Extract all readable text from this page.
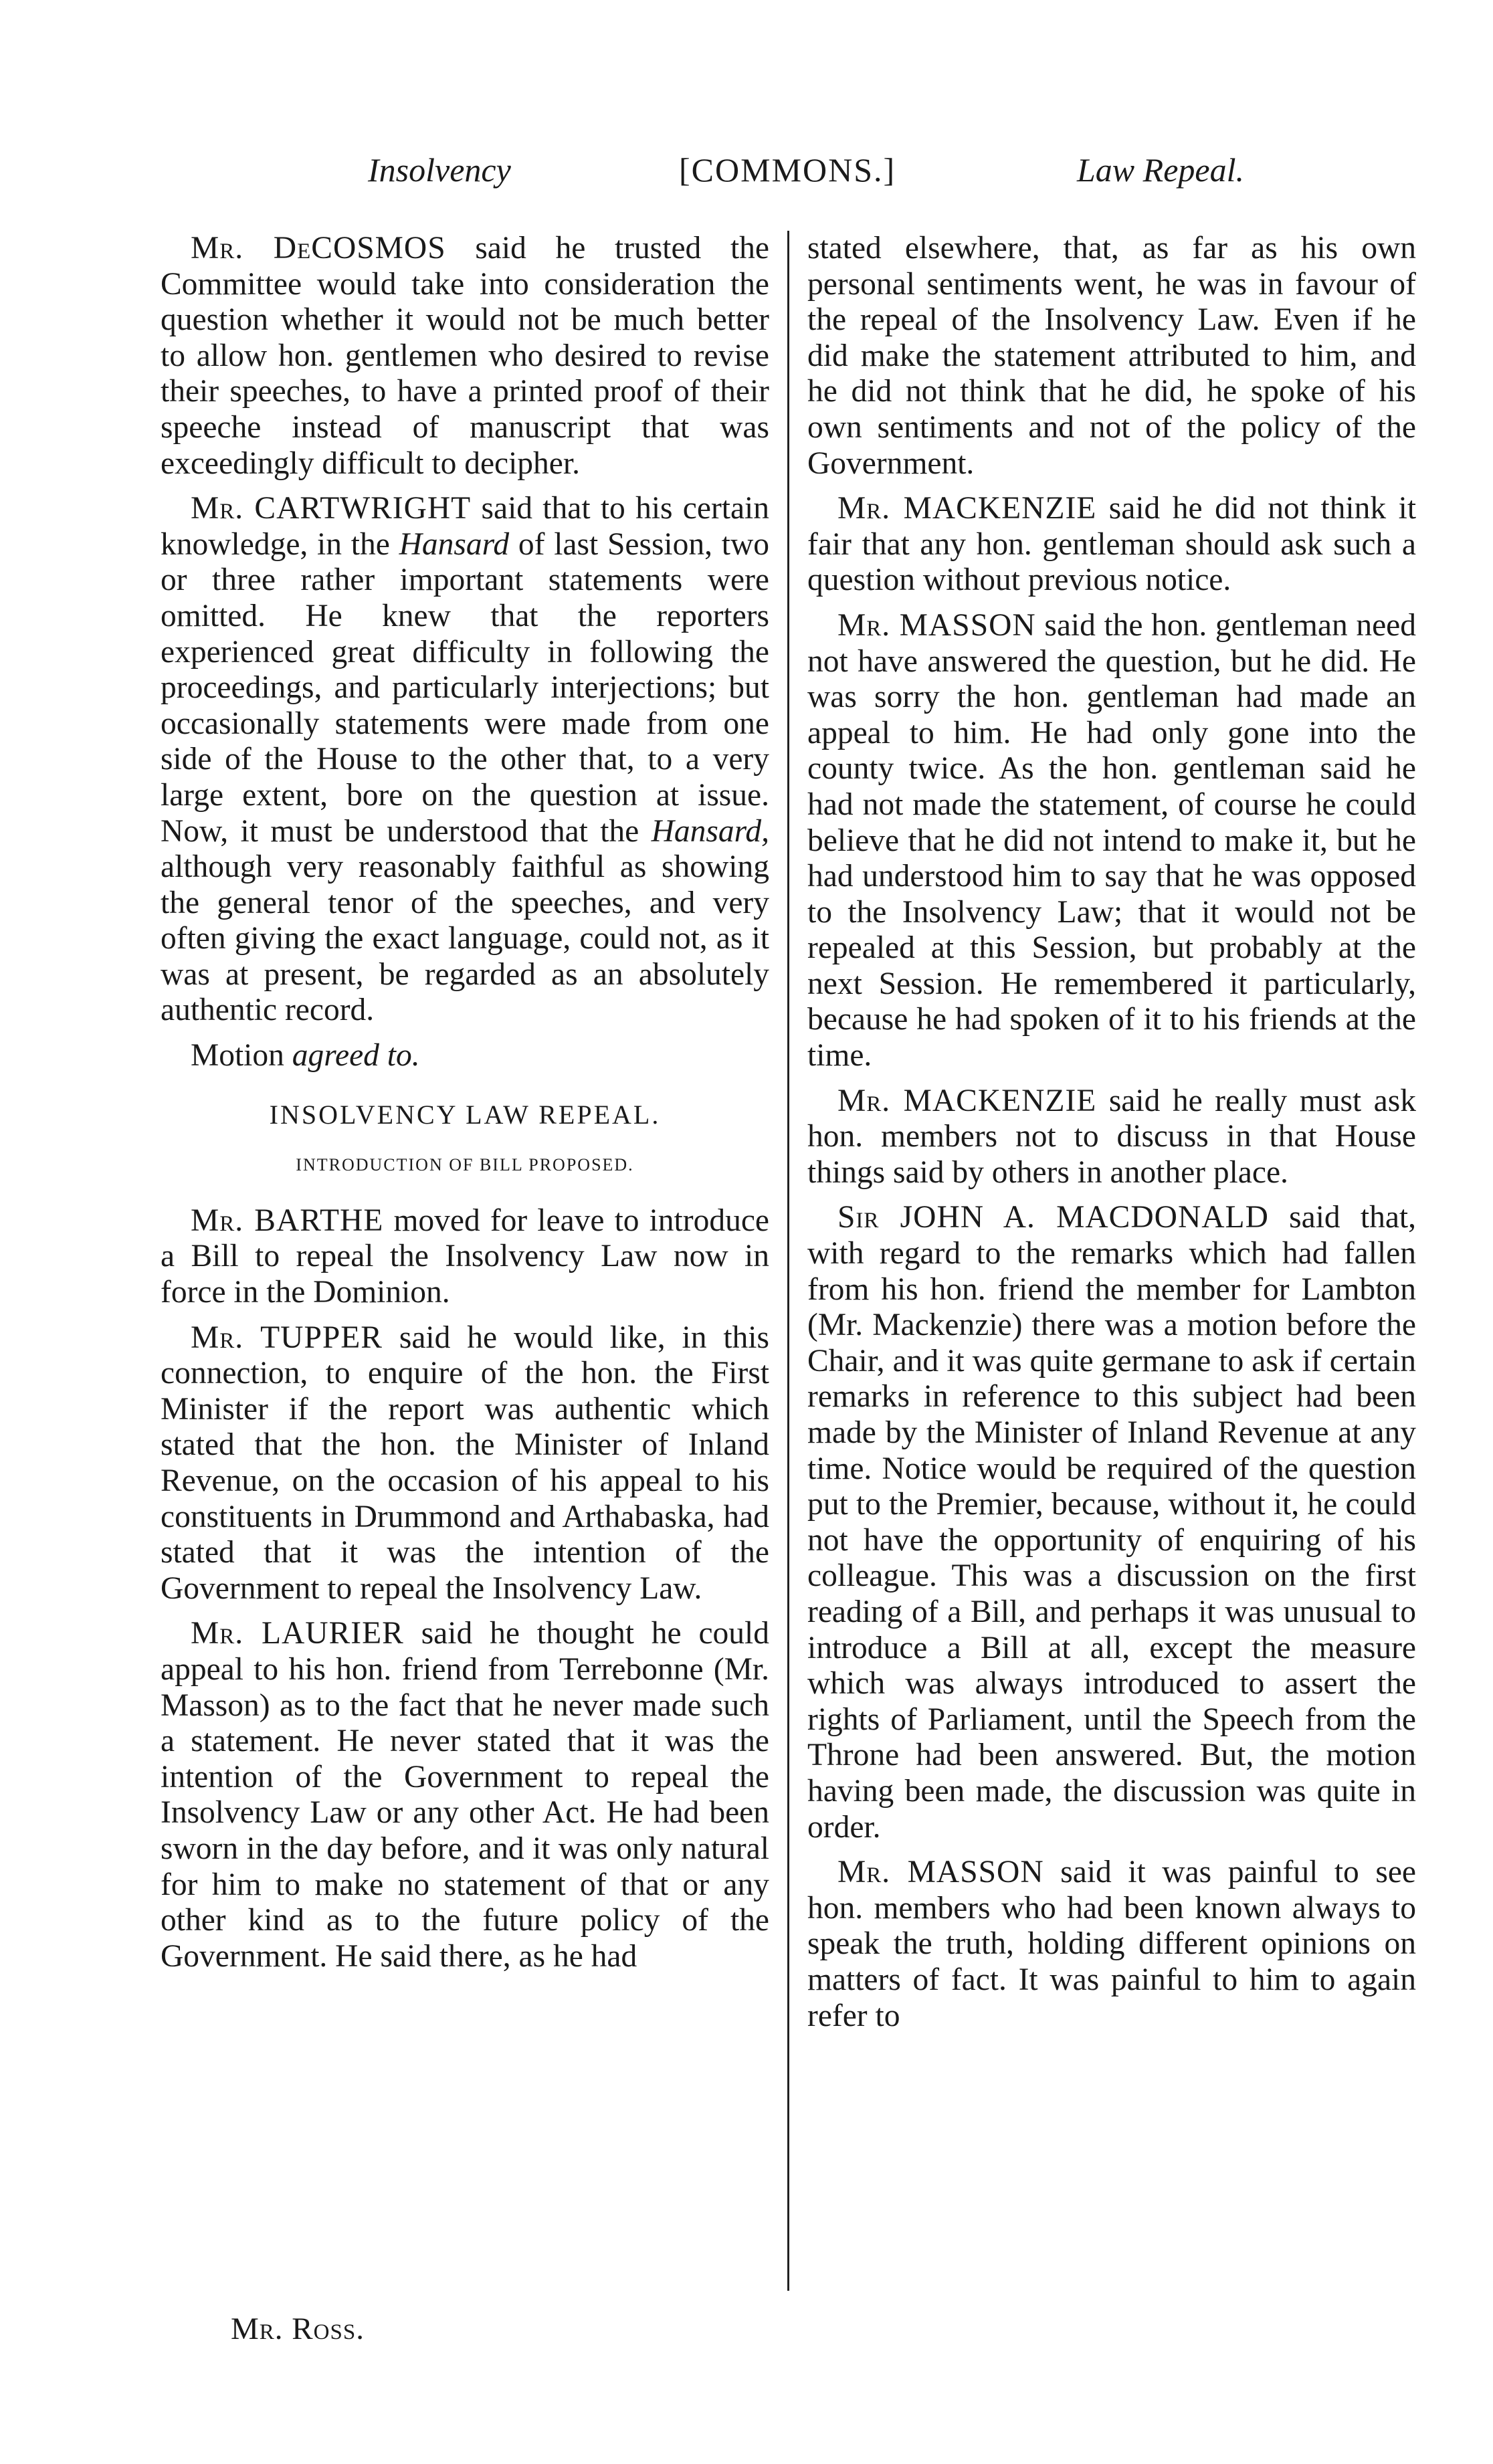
Insolvency	[COMMONS.]	Law Repeal.

Mr. DeCOSMOS said he trusted the Committee would take into consideration the question whether it would not be much better to allow hon. gentlemen who desired to revise their speeches, to have a printed proof of their speeche instead of manuscript that was exceedingly difficult to decipher.

Mr. CARTWRIGHT said that to his certain knowledge, in the Hansard of last Session, two or three rather important statements were omitted. He knew that the reporters experienced great difficulty in following the proceedings, and particularly interjections; but occasionally statements were made from one side of the House to the other that, to a very large extent, bore on the question at issue. Now, it must be understood that the Hansard, although very reasonably faithful as showing the general tenor of the speeches, and very often giving the exact language, could not, as it was at present, be regarded as an absolutely authentic record.

Motion agreed to.

INSOLVENCY LAW REPEAL.
INTRODUCTION OF BILL PROPOSED.

Mr. BARTHE moved for leave to introduce a Bill to repeal the Insolvency Law now in force in the Dominion.

Mr. TUPPER said he would like, in this connection, to enquire of the hon. the First Minister if the report was authentic which stated that the hon. the Minister of Inland Revenue, on the occasion of his appeal to his constituents in Drummond and Arthabaska, had stated that it was the intention of the Government to repeal the Insolvency Law.

Mr. LAURIER said he thought he could appeal to his hon. friend from Terrebonne (Mr. Masson) as to the fact that he never made such a statement. He never stated that it was the intention of the Government to repeal the Insolvency Law or any other Act. He had been sworn in the day before, and it was only natural for him to make no statement of that or any other kind as to the future policy of the Government. He said there, as he had

stated elsewhere, that, as far as his own personal sentiments went, he was in favour of the repeal of the Insolvency Law. Even if he did make the statement attributed to him, and he did not think that he did, he spoke of his own sentiments and not of the policy of the Government.

Mr. MACKENZIE said he did not think it fair that any hon. gentleman should ask such a question without previous notice.

Mr. MASSON said the hon. gentleman need not have answered the question, but he did. He was sorry the hon. gentleman had made an appeal to him. He had only gone into the county twice. As the hon. gentleman said he had not made the statement, of course he could believe that he did not intend to make it, but he had understood him to say that he was opposed to the Insolvency Law; that it would not be repealed at this Session, but probably at the next Session. He remembered it particularly, because he had spoken of it to his friends at the time.

Mr. MACKENZIE said he really must ask hon. members not to discuss in that House things said by others in another place.

Sir JOHN A. MACDONALD said that, with regard to the remarks which had fallen from his hon. friend the member for Lambton (Mr. Mackenzie) there was a motion before the Chair, and it was quite germane to ask if certain remarks in reference to this subject had been made by the Minister of Inland Revenue at any time. Notice would be required of the question put to the Premier, because, without it, he could not have the opportunity of enquiring of his colleague. This was a discussion on the first reading of a Bill, and perhaps it was unusual to introduce a Bill at all, except the measure which was always introduced to assert the rights of Parliament, until the Speech from the Throne had been answered. But, the motion having been made, the discussion was quite in order.

Mr. MASSON said it was painful to see hon. members who had been known always to speak the truth, holding different opinions on matters of fact. It was painful to him to again refer to

Mr. Ross.
